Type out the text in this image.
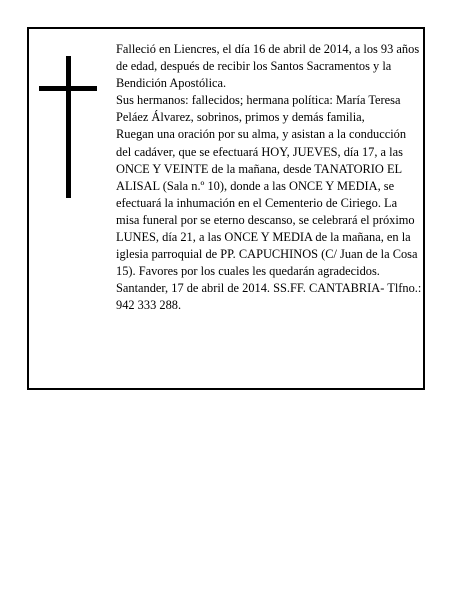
Falleció en Liencres, el día 16 de abril de 2014, a los 93 años de edad, después de recibir los Santos Sacramentos y la Bendición Apostólica.

Sus hermanos: fallecidos; hermana política: María Teresa Peláez Álvarez, sobrinos, primos y demás familia,

Ruegan una oración por su alma, y asistan a la conducción del cadáver, que se efectuará HOY, JUEVES, día 17, a las ONCE Y VEINTE de la mañana, desde TANATORIO EL ALISAL (Sala n.º 10), donde a las ONCE Y MEDIA, se efectuará la inhumación en el Cementerio de Ciriego. La misa funeral por se eterno descanso, se celebrará el próximo LUNES, día 21, a las ONCE Y MEDIA de la mañana, en la iglesia parroquial de PP. CAPUCHINOS (C/ Juan de la Cosa 15). Favores por los cuales les quedarán agradecidos.

Santander, 17 de abril de 2014. SS.FF. CANTABRIA- Tlfno.: 942 333 288.
